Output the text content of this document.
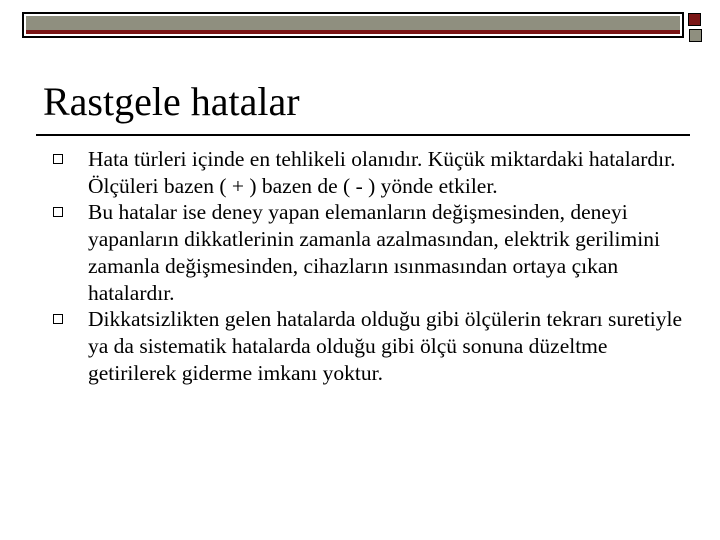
Rastgele hatalar
Hata türleri içinde en tehlikeli olanıdır. Küçük miktardaki hatalardır. Ölçüleri bazen ( + ) bazen de ( - ) yönde etkiler.
Bu hatalar ise deney yapan elemanların değişmesinden, deneyi yapanların dikkatlerinin zamanla azalmasından, elektrik gerilimini zamanla değişmesinden, cihazların ısınmasından ortaya çıkan hatalardır.
Dikkatsizlikten gelen hatalarda olduğu gibi ölçülerin tekrarı suretiyle ya da sistematik hatalarda olduğu gibi ölçü sonuna düzeltme getirilerek giderme imkanı yoktur.
